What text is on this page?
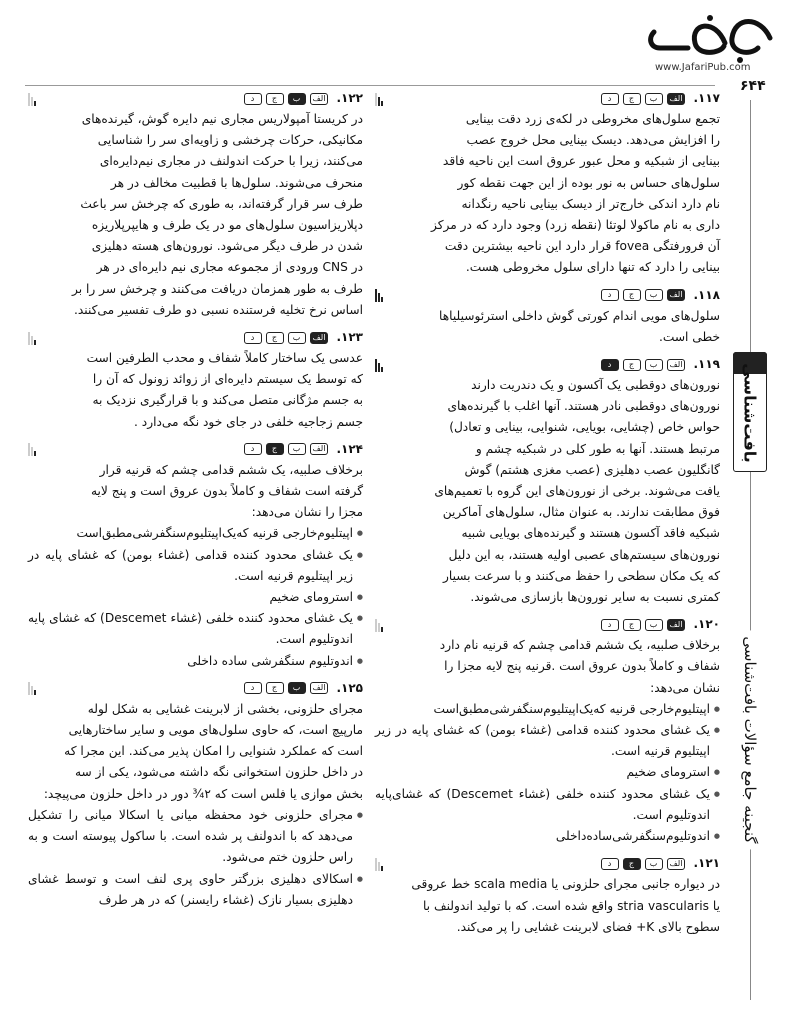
www.JafariPub.com
۶۴۴
بافت‌شناسی
گنجینه جامع سؤالات بافت‌شناسی
۱۱۷.
الف
ب
ج
د

تجمع سلول‌های مخروطی در لکه‌ی زرد دقت بینایی

را افزایش می‌دهد. دیسک بینایی محل خروج عصب

بینایی از شبکیه و محل عبور عروق است این ناحیه فاقد

سلول‌های حساس به نور بوده از این جهت نقطه کور

نام دارد اندکی خارج‌تر از دیسک بینایی ناحیه رنگدانه

داری به نام ماکولا لوتئا (نقطه زرد) وجود دارد که در مرکز

آن فرورفتگی fovea قرار دارد این ناحیه بیشترین دقت

بینایی را دارد که تنها دارای سلول مخروطی هست.

۱۱۸.
الف
ب
ج
د

سلول‌های مویی اندام کورتی گوش داخلی استرئوسیلیاها

خطی است.

۱۱۹.
الف
ب
ج
د

نورون‌های دوقطبی یک آکسون و یک دندریت دارند

نورون‌های دوقطبی نادر هستند. آنها اغلب با گیرنده‌های

حواس خاص (چشایی، بویایی، شنوایی، بینایی و تعادل)

مرتبط هستند. آنها به طور کلی در شبکیه چشم و

گانگلیون عصب دهلیزی (عصب مغزی هشتم) گوش

یافت می‌شوند. برخی از نورون‌های این گروه با تعمیم‌های

فوق مطابقت ندارند. به عنوان مثال، سلول‌های آماکرین

شبکیه فاقد آکسون هستند و گیرنده‌های بویایی شبیه

نورون‌های سیستم‌های عصبی اولیه هستند، به این دلیل

که یک مکان سطحی را حفظ می‌کنند و با سرعت بسیار

کمتری نسبت به سایر نورون‌ها بازسازی می‌شوند.

۱۲۰.
الف
ب
ج
د

برخلاف صلبیه، یک ششم قدامی چشم که قرنیه نام دارد

شفاف و کاملاً بدون عروق است .قرنیه پنج لایه مجزا را

نشان می‌دهد:

● اپیتلیوم‌خارجی قرنیه که‌یک‌اپیتلیوم‌سنگفرشی‌مطبق‌است
● یک غشای محدود کننده قدامی (غشاء بومن) که غشای پایه در زیر اپیتلیوم قرنیه است.
● استرومای ضخیم
● یک غشای محدود کننده خلفی (غشاء Descemet) که غشای‌پایه اندوتلیوم است.
● اندوتلیوم‌سنگفرشی‌ساده‌داخلی
۱۲۱.
الف
ب
ج
د

در دیواره جانبی مجرای حلزونی یا scala media خط عروقی

یا stria vascularis واقع شده است. که با تولید اندولنف با

سطوح بالای K+ فضای لابرینت غشایی را پر می‌کند.

۱۲۲.
الف
ب
ج
د

در کریستا آمپولاریس مجاری نیم دایره گوش، گیرنده‌های

مکانیکی، حرکات چرخشی و زاویه‌ای سر را شناسایی

می‌کنند، زیرا با حرکت اندولنف در مجاری نیم‌دایره‌ای

منحرف می‌شوند. سلول‌ها با قطبیت مخالف در هر

طرف سر قرار گرفته‌اند، به طوری که چرخش سر باعث

دپلاریزاسیون سلول‌های مو در یک طرف و هایپرپلاریزه

شدن در طرف دیگر می‌شود. نورون‌های هسته دهلیزی

در CNS ورودی از مجموعه مجاری نیم دایره‌ای در هر

طرف به طور همزمان دریافت می‌کنند و چرخش سر را بر

اساس نرخ تخلیه فرستنده نسبی دو طرف تفسیر می‌کنند.

۱۲۳.
الف
ب
ج
د

عدسی یک ساختار کاملاً شفاف و محدب الطرفین است

که توسط یک سیستم دایره‌ای از زوائد زونول که آن را

به جسم مژگانی متصل می‌کند و با قرارگیری نزدیک به

جسم زجاجیه خلفی در جای خود نگه می‌دارد .

۱۲۴.
الف
ب
ج
د

برخلاف صلبیه، یک ششم قدامی چشم که قرنیه قرار

گرفته است شفاف و کاملاً بدون عروق است و پنج لایه

مجزا را نشان می‌دهد:

● اپیتلیوم‌خارجی قرنیه که‌یک‌اپیتلیوم‌سنگفرشی‌مطبق‌است
● یک غشای محدود کننده قدامی (غشاء بومن) که غشای پایه در زیر اپیتلیوم قرنیه است.
● استرومای ضخیم
● یک غشای محدود کننده خلفی (غشاء Descemet) که غشای پایه اندوتلیوم است.
● اندوتلیوم سنگفرشی ساده داخلی
۱۲۵.
الف
ب
ج
د

مجرای حلزونی، بخشی از لابرینت غشایی به شکل لوله

مارپیچ است، که حاوی سلول‌های مویی و سایر ساختارهایی

است که عملکرد شنوایی را امکان پذیر می‌کند. این مجرا که

در داخل حلزون استخوانی نگه داشته می‌شود، یکی از سه

بخش موازی یا فلس است که ۲¾ دور در داخل حلزون می‌پیچد:

● مجرای حلزونی خود محفظه میانی یا اسکالا میانی را تشکیل می‌دهد که با اندولنف پر شده است. با ساکول پیوسته است و به راس حلزون ختم می‌شود.
● اسکالای دهلیزی بزرگتر حاوی پری لنف است و توسط غشای دهلیزی بسیار نازک (غشاء رایسنر) که در هر طرف
